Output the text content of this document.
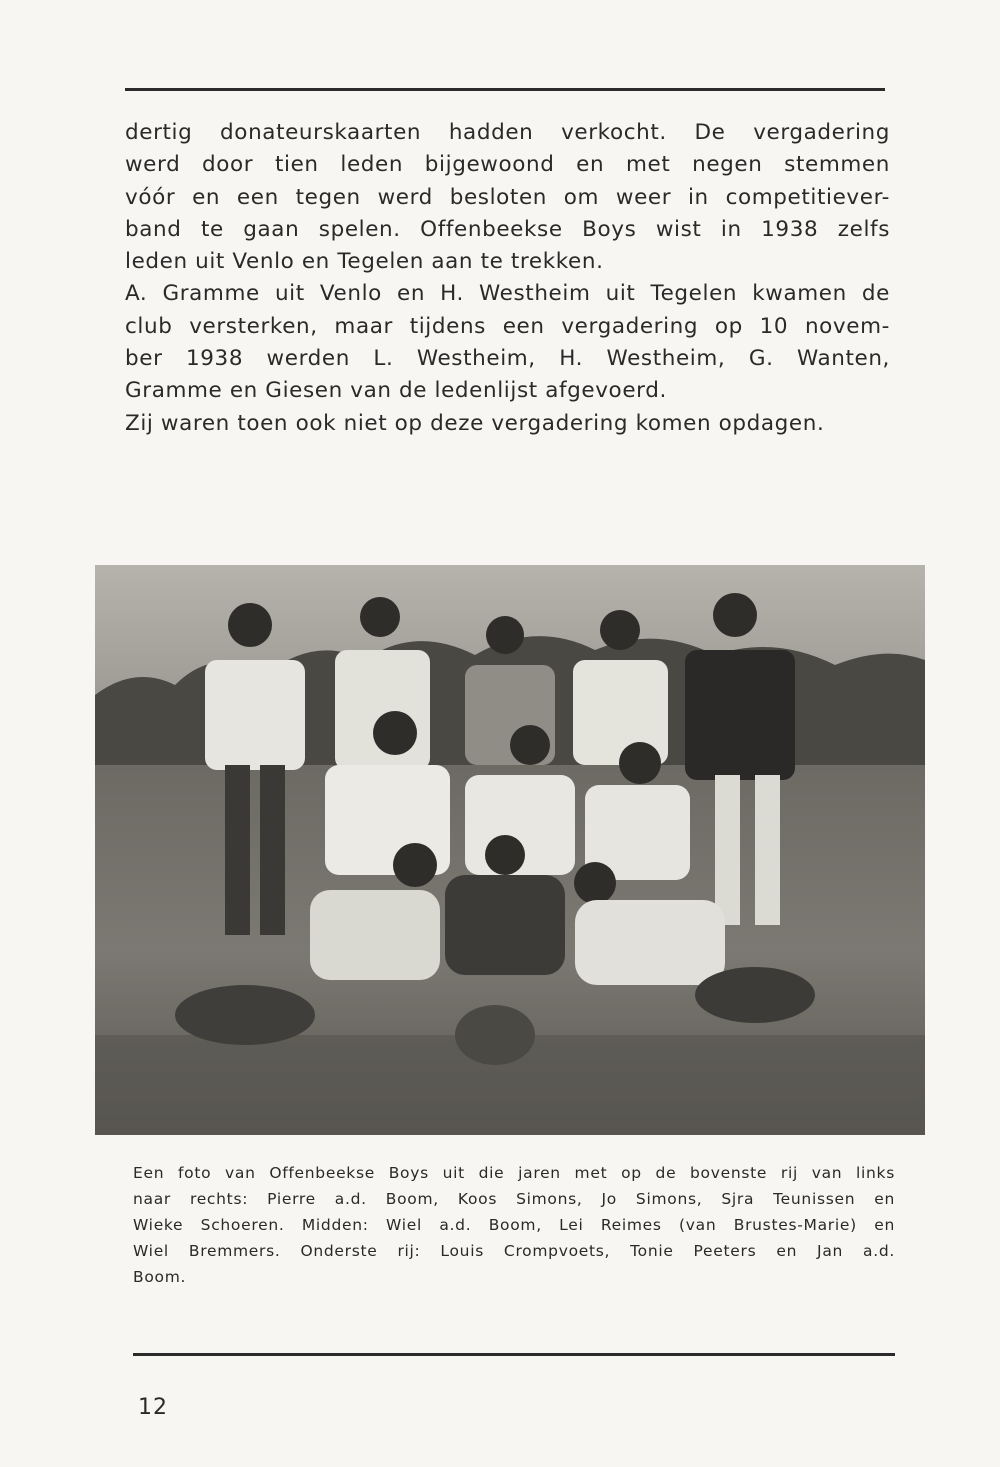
dertig donateurskaarten hadden verkocht. De vergadering
werd door tien leden bijgewoond en met negen stemmen
vóór en een tegen werd besloten om weer in competitiever-
band te gaan spelen. Offenbeekse Boys wist in 1938 zelfs
leden uit Venlo en Tegelen aan te trekken.
A. Gramme uit Venlo en H. Westheim uit Tegelen kwamen de
club versterken, maar tijdens een vergadering op 10 novem-
ber 1938 werden L. Westheim, H. Westheim, G. Wanten,
Gramme en Giesen van de ledenlijst afgevoerd.
Zij waren toen ook niet op deze vergadering komen opdagen.
Een foto van Offenbeekse Boys uit die jaren met op de bovenste rij van links
naar rechts: Pierre a.d. Boom, Koos Simons, Jo Simons, Sjra Teunissen en
Wieke Schoeren. Midden: Wiel a.d. Boom, Lei Reimes (van Brustes-Marie) en
Wiel Bremmers. Onderste rij: Louis Crompvoets, Tonie Peeters en Jan a.d.
Boom.
12
